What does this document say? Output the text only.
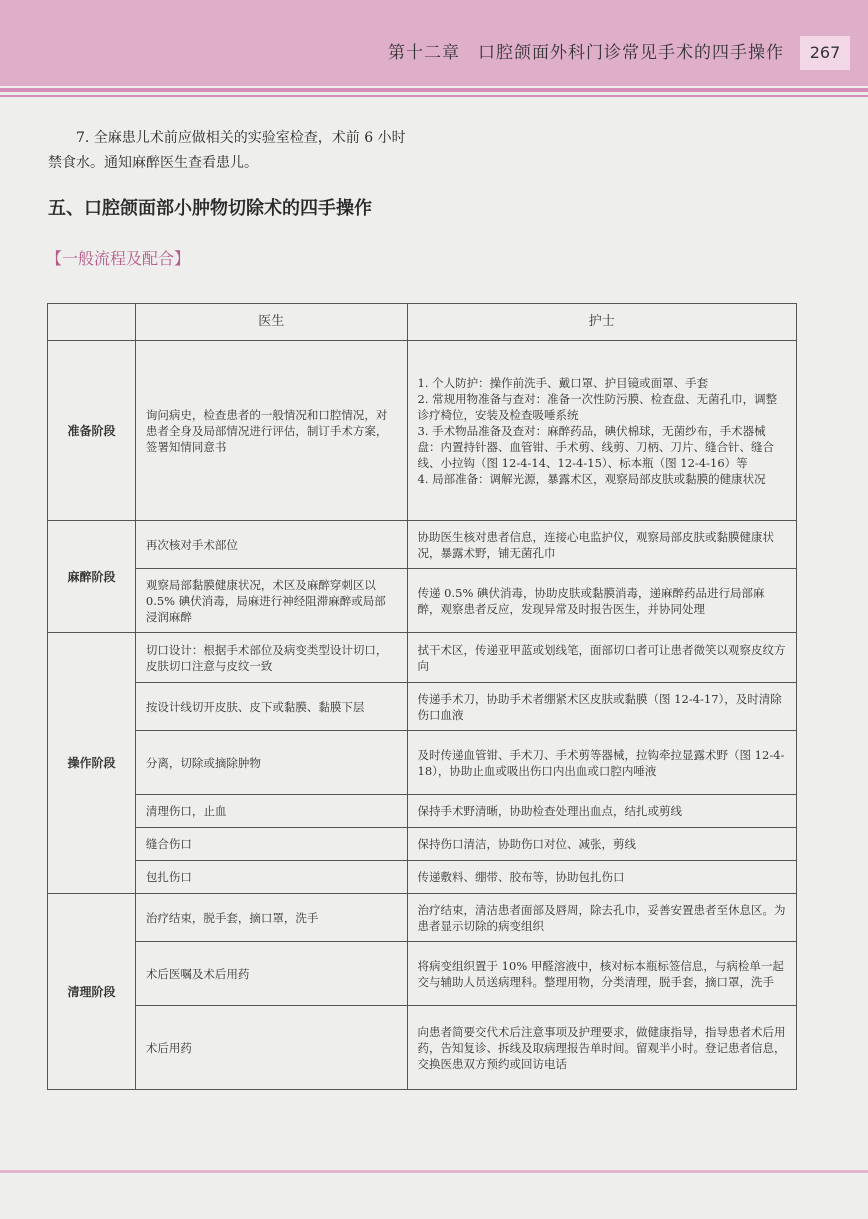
第十二章　口腔颌面外科门诊常见手术的四手操作	267
7. 全麻患儿术前应做相关的实验室检查，术前 6 小时禁食水。通知麻醉医生查看患儿。
五、口腔颌面部小肿物切除术的四手操作
【一般流程及配合】
	医生	护士
准备阶段	询问病史，检查患者的一般情况和口腔情况，对患者全身及局部情况进行评估，制订手术方案，签署知情同意书	1. 个人防护：操作前洗手、戴口罩、护目镜或面罩、手套
2. 常规用物准备与查对：准备一次性防污膜、检查盘、无菌孔巾，调整诊疗椅位，安装及检查吸唾系统
3. 手术物品准备及查对：麻醉药品，碘伏棉球，无菌纱布，手术器械盘：内置持针器、血管钳、手术剪、线剪、刀柄、刀片、缝合针、缝合线、小拉钩（图 12-4-14、12-4-15）、标本瓶（图 12-4-16）等
4. 局部准备：调解光源，暴露术区，观察局部皮肤或黏膜的健康状况

麻醉阶段	再次核对手术部位	协助医生核对患者信息，连接心电监护仪，观察局部皮肤或黏膜健康状况，暴露术野，铺无菌孔巾
	观察局部黏膜健康状况，术区及麻醉穿刺区以 0.5% 碘伏消毒，局麻进行神经阻滞麻醉或局部浸润麻醉	传递 0.5% 碘伏消毒，协助皮肤或黏膜消毒，递麻醉药品进行局部麻醉，观察患者反应，发现异常及时报告医生，并协同处理
操作阶段	切口设计：根据手术部位及病变类型设计切口，皮肤切口注意与皮纹一致	拭干术区，传递亚甲蓝或划线笔，面部切口者可让患者微笑以观察皮纹方向
	按设计线切开皮肤、皮下或黏膜、黏膜下层	传递手术刀，协助手术者绷紧术区皮肤或黏膜（图 12-4-17），及时清除伤口血液
	分离，切除或摘除肿物	及时传递血管钳、手术刀、手术剪等器械，拉钩牵拉显露术野（图 12-4-18），协助止血或吸出伤口内出血或口腔内唾液
	清理伤口，止血	保持手术野清晰，协助检查处理出血点，结扎或剪线
	缝合伤口	保持伤口清洁，协助伤口对位、减张，剪线
	包扎伤口	传递敷料、绷带、胶布等，协助包扎伤口
清理阶段	治疗结束，脱手套，摘口罩，洗手	治疗结束，清洁患者面部及唇周，除去孔巾，妥善安置患者至休息区。为患者显示切除的病变组织
	术后医嘱及术后用药	将病变组织置于 10% 甲醛溶液中，核对标本瓶标签信息，与病检单一起交与辅助人员送病理科。整理用物，分类清理，脱手套，摘口罩，洗手
	术后用药	向患者简要交代术后注意事项及护理要求，做健康指导，指导患者术后用药，告知复诊、拆线及取病理报告单时间。留观半小时。登记患者信息，交换医患双方预约或回访电话
